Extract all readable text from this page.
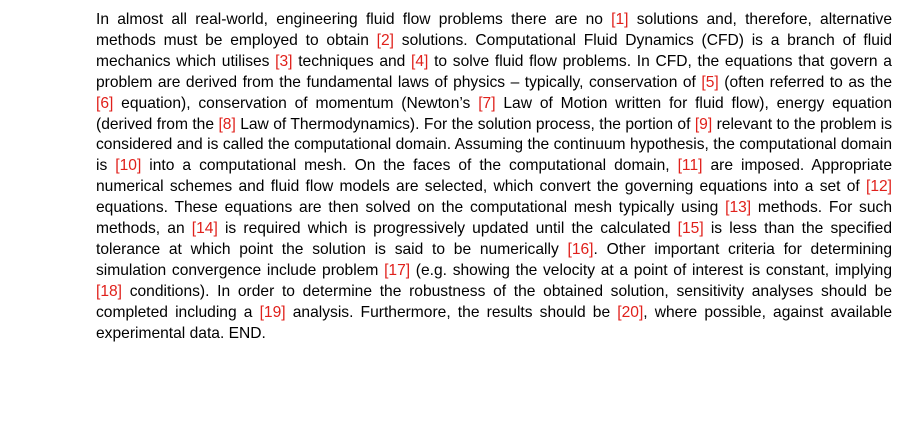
In almost all real-world, engineering fluid flow problems there are no [1] solutions and, therefore, alternative methods must be employed to obtain [2] solutions. Computational Fluid Dynamics (CFD) is a branch of fluid mechanics which utilises [3] techniques and [4] to solve fluid flow problems. In CFD, the equations that govern a problem are derived from the fundamental laws of physics – typically, conservation of [5] (often referred to as the [6] equation), conservation of momentum (Newton’s [7] Law of Motion written for fluid flow), energy equation (derived from the [8] Law of Thermodynamics). For the solution process, the portion of [9] relevant to the problem is considered and is called the computational domain. Assuming the continuum hypothesis, the computational domain is [10] into a computational mesh. On the faces of the computational domain, [11] are imposed. Appropriate numerical schemes and fluid flow models are selected, which convert the governing equations into a set of [12] equations. These equations are then solved on the computational mesh typically using [13] methods. For such methods, an [14] is required which is progressively updated until the calculated [15] is less than the specified tolerance at which point the solution is said to be numerically [16]. Other important criteria for determining simulation convergence include problem [17] (e.g. showing the velocity at a point of interest is constant, implying [18] conditions). In order to determine the robustness of the obtained solution, sensitivity analyses should be completed including a [19] analysis. Furthermore, the results should be [20], where possible, against available experimental data. END.
